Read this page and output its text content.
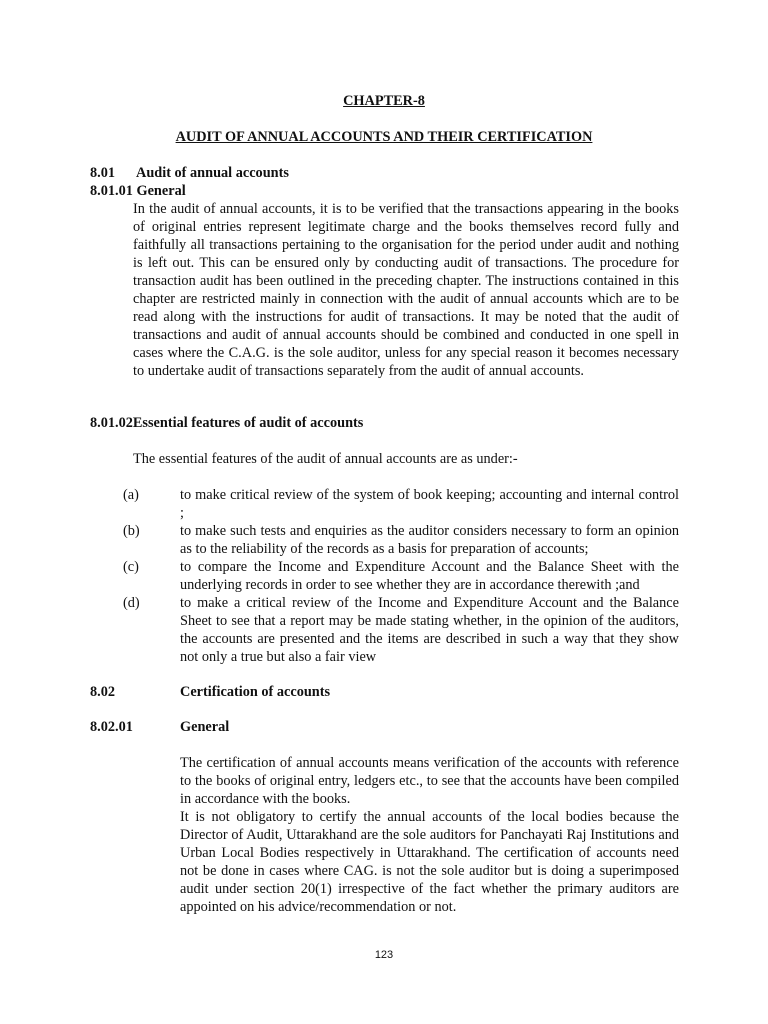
CHAPTER-8
AUDIT OF ANNUAL ACCOUNTS AND THEIR CERTIFICATION
8.01 Audit of annual accounts
8.01.01 General
In the audit of annual accounts, it is to be verified that the transactions appearing in the books of original entries represent legitimate charge and the books themselves record fully and faithfully all transactions pertaining to the organisation for the period under audit and nothing is left out. This can be ensured only by conducting audit of transactions. The procedure for transaction audit has been outlined in the preceding chapter. The instructions contained in this chapter are restricted mainly in connection with the audit of annual accounts which are to be read along with the instructions for audit of transactions. It may be noted that the audit of transactions and audit of annual accounts should be combined and conducted in one spell in cases where the C.A.G. is the sole auditor, unless for any special reason it becomes necessary to undertake audit of transactions separately from the audit of annual accounts.
8.01.02Essential features of audit of accounts
The essential features of the audit of annual accounts are as under:-
(a)	to make critical review of the system of book keeping; accounting and internal control ;
(b)	to make such tests and enquiries as the auditor considers necessary to form an opinion as to the reliability of the records as a basis for preparation of accounts;
(c)	to compare the Income and Expenditure Account and the Balance Sheet with the underlying records in order to see whether they are in accordance therewith ;and
(d)	to make a critical review of the Income and Expenditure Account and the Balance Sheet to see that a report may be made stating whether, in the opinion of the auditors, the accounts are presented and the items are described in such a way that they show not only a true but also a fair view
8.02	Certification of accounts
8.02.01	General
The certification of annual accounts means verification of the accounts with reference to the books of original entry, ledgers etc., to see that the accounts have been compiled in accordance with the books.
It is not obligatory to certify the annual accounts of the local bodies because the Director of Audit, Uttarakhand are the sole auditors for Panchayati Raj Institutions and Urban Local Bodies respectively in Uttarakhand. The certification of accounts need not be done in cases where CAG. is not the sole auditor but is doing a superimposed audit under section 20(1) irrespective of the fact whether the primary auditors are appointed on his advice/recommendation or not.
123
